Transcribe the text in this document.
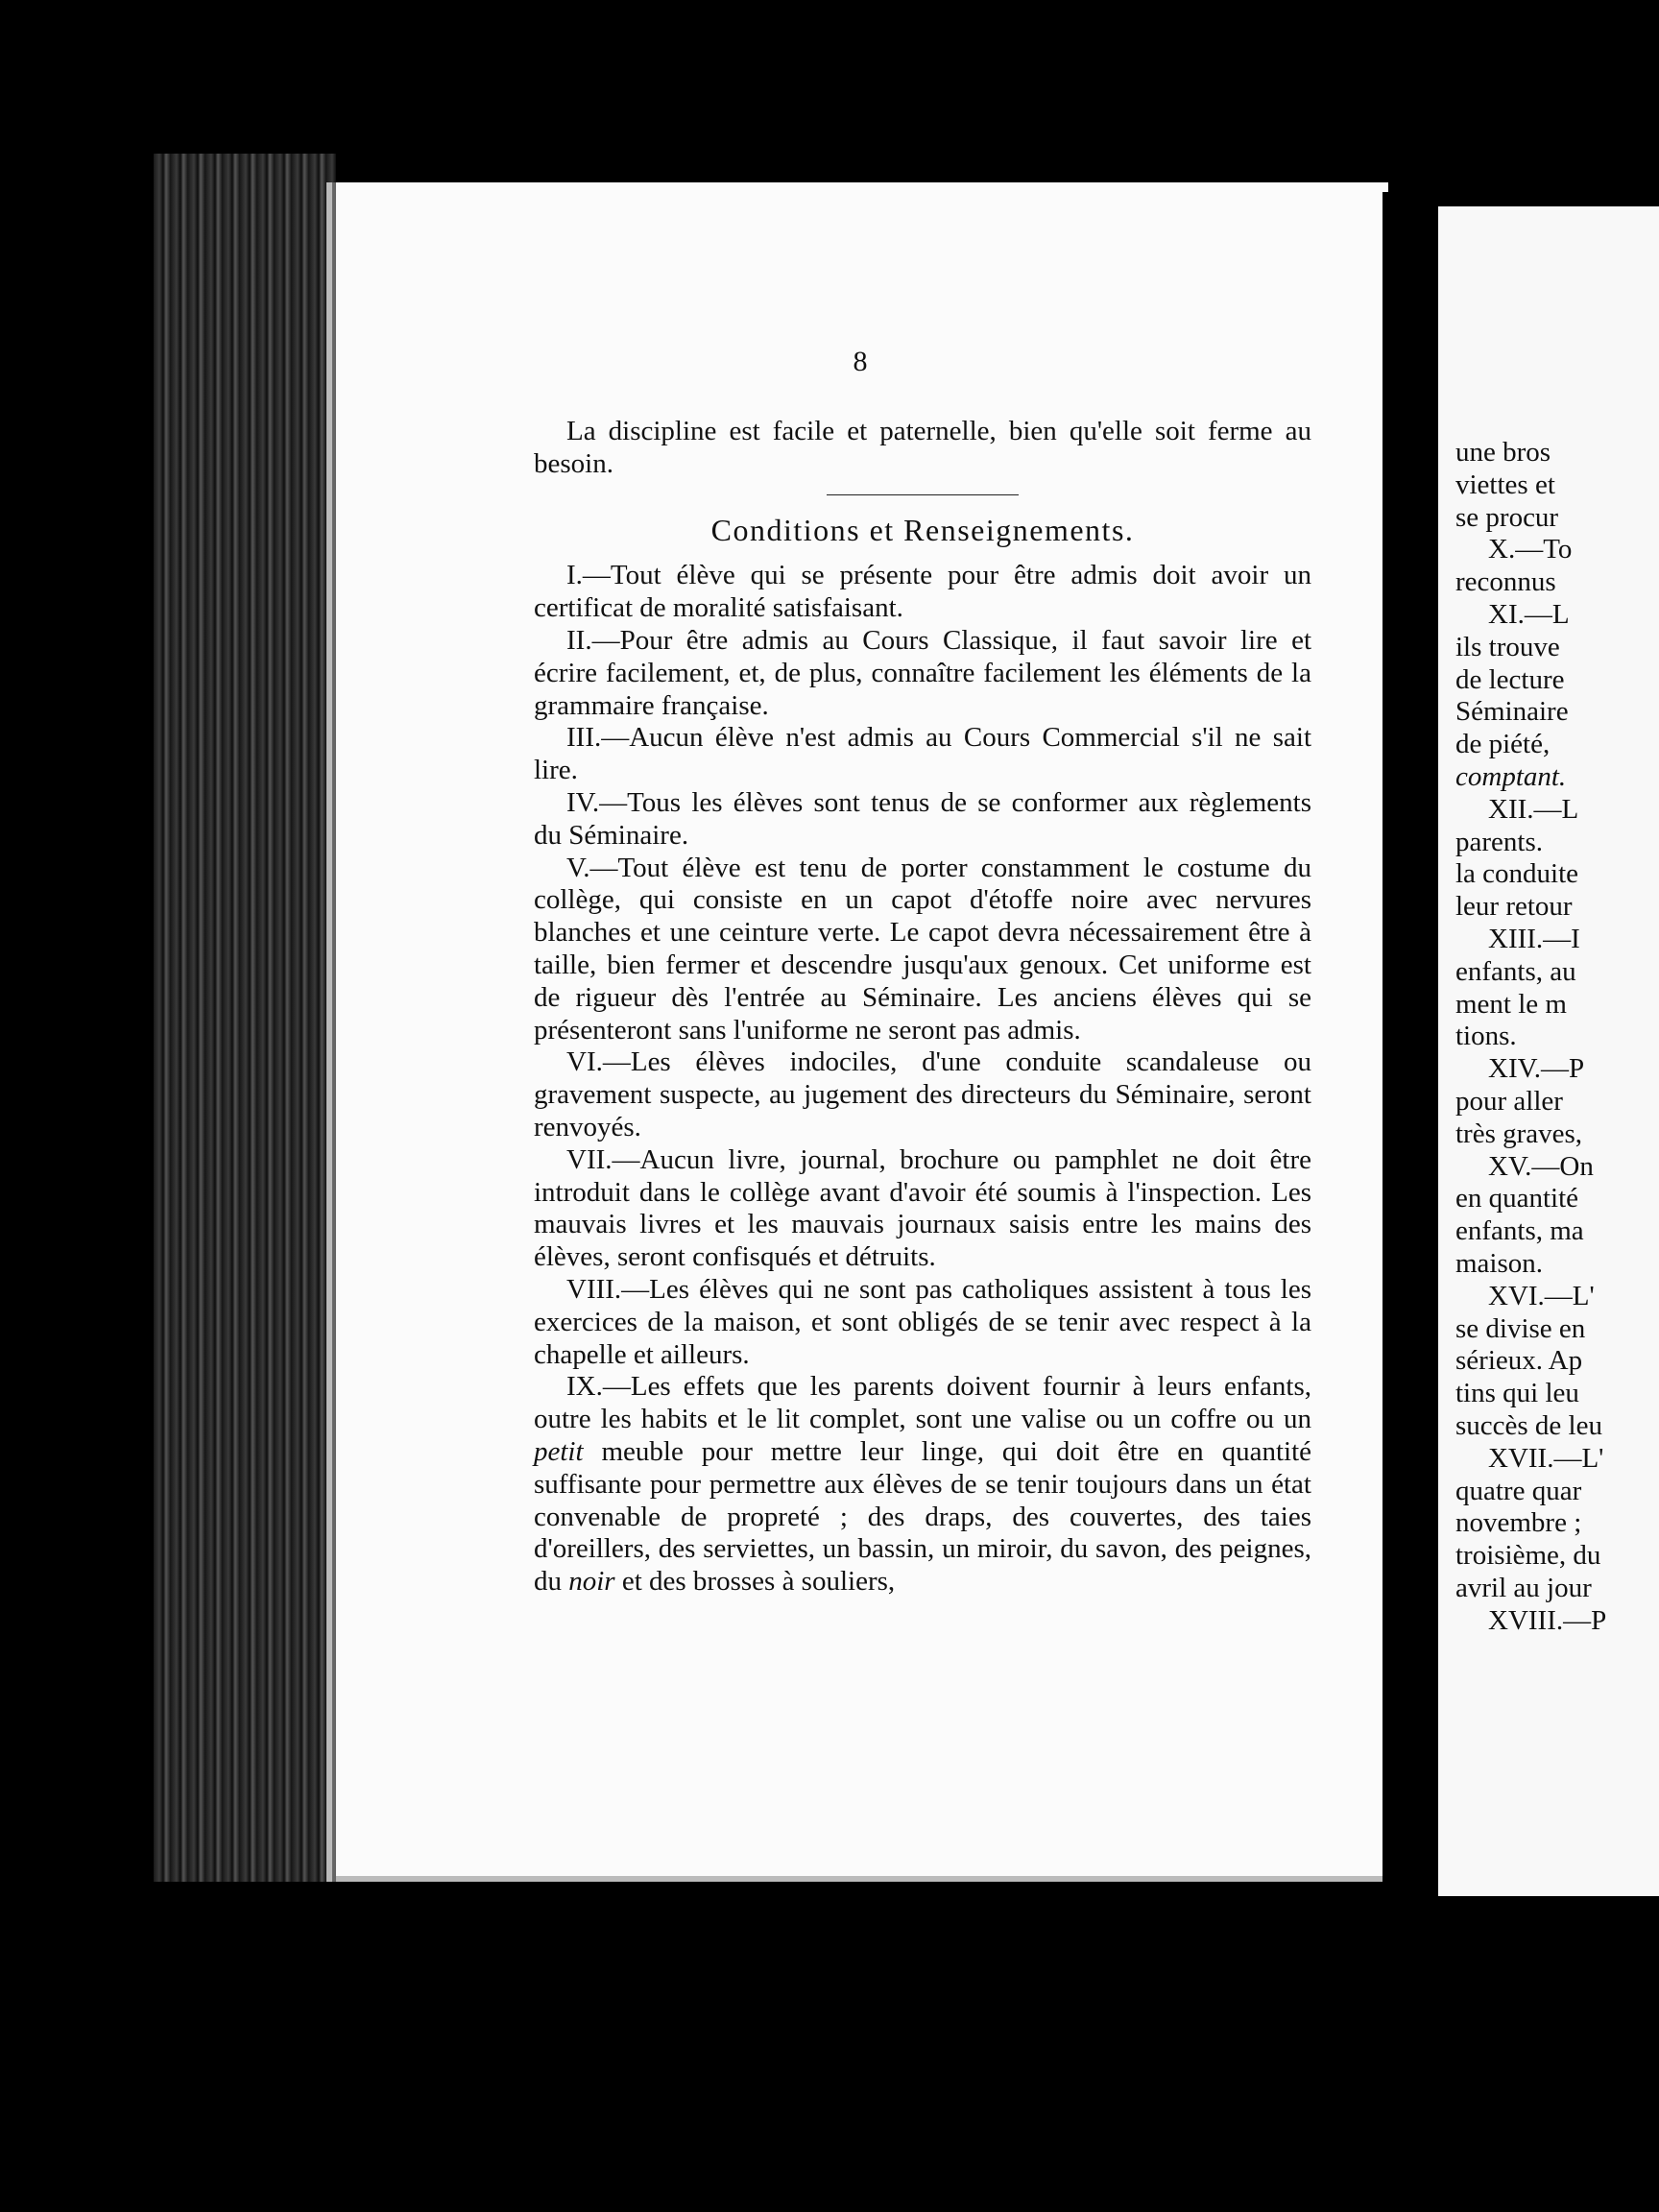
8

La discipline est facile et paternelle, bien qu'elle soit ferme au besoin.

Conditions et Renseignements.

I.—Tout élève qui se présente pour être admis doit avoir un certificat de moralité satisfaisant.

II.—Pour être admis au Cours Classique, il faut savoir lire et écrire facilement, et, de plus, connaître facilement les éléments de la grammaire française.

III.—Aucun élève n'est admis au Cours Commercial s'il ne sait lire.

IV.—Tous les élèves sont tenus de se conformer aux règlements du Séminaire.

V.—Tout élève est tenu de porter constamment le costume du collège, qui consiste en un capot d'étoffe noire avec nervures blanches et une ceinture verte. Le capot devra nécessairement être à taille, bien fermer et descendre jusqu'aux genoux. Cet uniforme est de rigueur dès l'entrée au Séminaire. Les anciens élèves qui se présenteront sans l'uniforme ne seront pas admis.

VI.—Les élèves indociles, d'une conduite scandaleuse ou gravement suspecte, au jugement des directeurs du Séminaire, seront renvoyés.

VII.—Aucun livre, journal, brochure ou pamphlet ne doit être introduit dans le collège avant d'avoir été soumis à l'inspection. Les mauvais livres et les mauvais journaux saisis entre les mains des élèves, seront confisqués et détruits.

VIII.—Les élèves qui ne sont pas catholiques assistent à tous les exercices de la maison, et sont obligés de se tenir avec respect à la chapelle et ailleurs.

IX.—Les effets que les parents doivent fournir à leurs enfants, outre les habits et le lit complet, sont une valise ou un coffre ou un petit meuble pour mettre leur linge, qui doit être en quantité suffisante pour permettre aux élèves de se tenir toujours dans un état convenable de propreté ; des draps, des couvertes, des taies d'oreillers, des serviettes, un bassin, un miroir, du savon, des peignes, du noir et des brosses à souliers,

une bros
viettes et
se procur
X.—To
reconnus
XI.—L
ils trouve
de lecture
Séminaire
de piété,
comptant.
XII.—L
parents.
la conduite
leur retour
XIII.—I
enfants, au
ment le m
tions.
XIV.—P
pour aller
très graves,
XV.—On
en quantité
enfants, ma
maison.
XVI.—L'
se divise en
sérieux. Ap
tins qui leu
succès de leu
XVII.—L'
quatre quar
novembre ;
troisième, du
avril au jour
XVIII.—P
